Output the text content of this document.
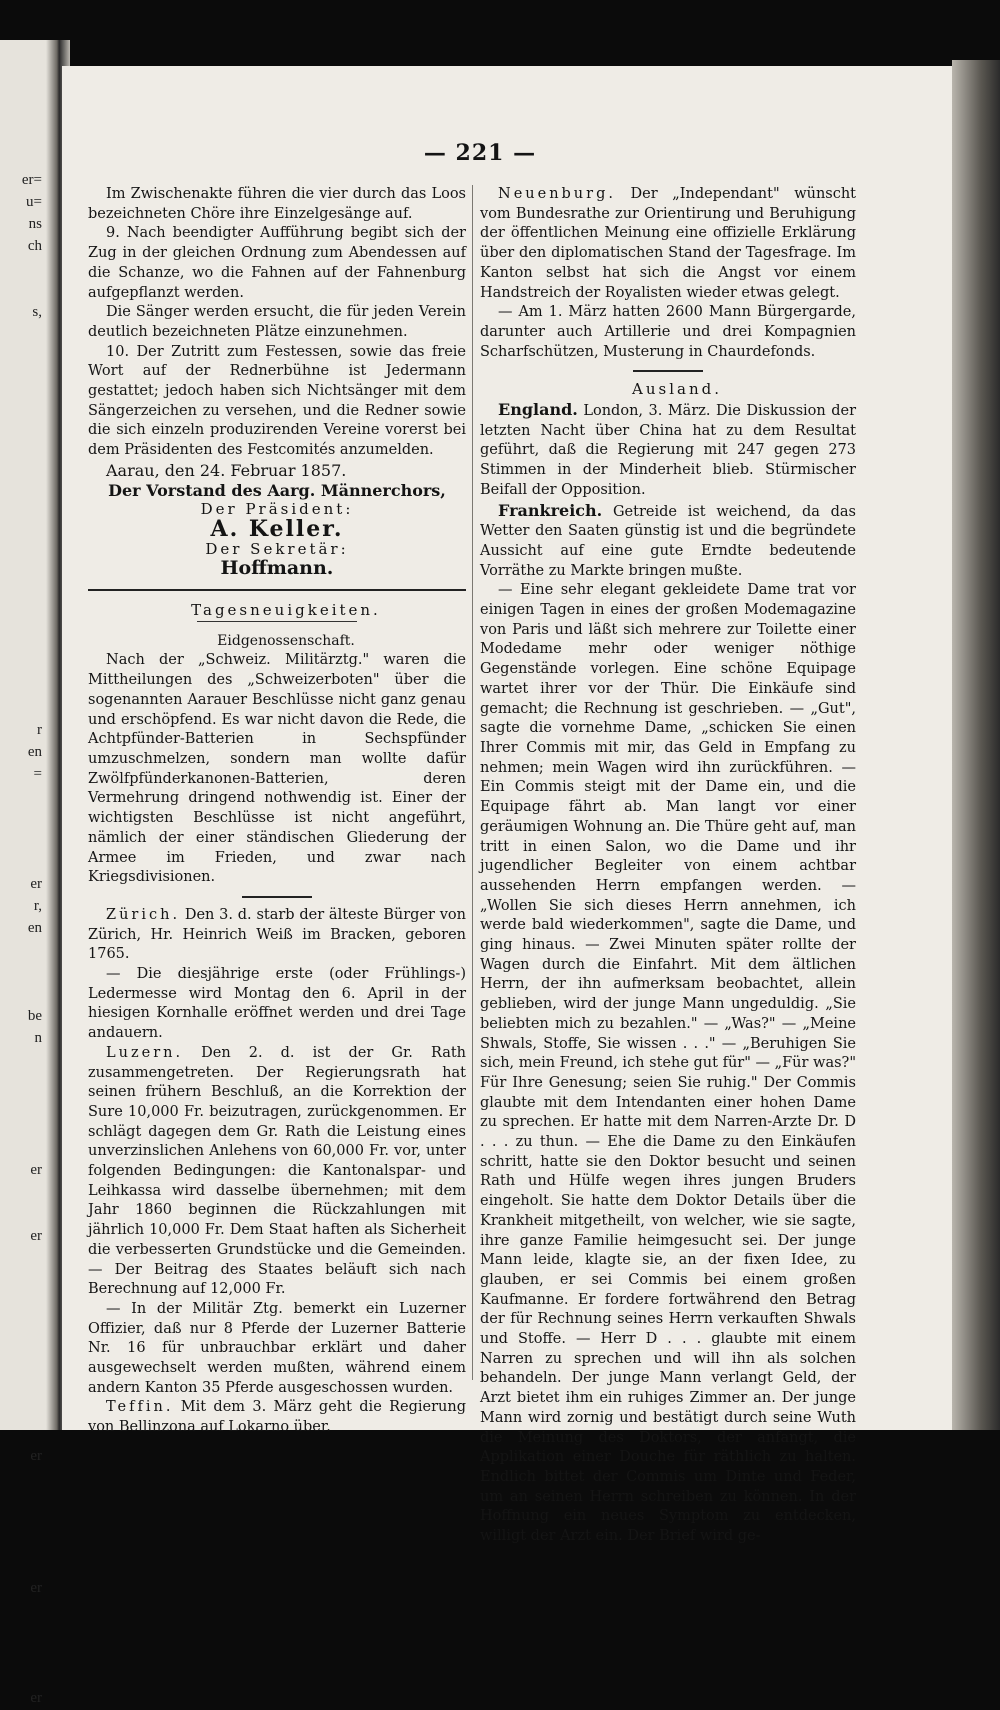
er=
u=
ns
ch
s,
r
en
=
er
r,
en
be
n
er
er
er
er
er
— 221 —

Im Zwischenakte führen die vier durch das Loos bezeichneten Chöre ihre Einzelgesänge auf.

9. Nach beendigter Aufführung begibt sich der Zug in der gleichen Ordnung zum Abendessen auf die Schanze, wo die Fahnen auf der Fahnenburg aufgepflanzt werden.

Die Sänger werden ersucht, die für jeden Verein deutlich bezeichneten Plätze einzunehmen.

10. Der Zutritt zum Festessen, sowie das freie Wort auf der Rednerbühne ist Jedermann gestattet; jedoch haben sich Nichtsänger mit dem Sängerzeichen zu versehen, und die Redner sowie die sich einzeln produzirenden Vereine vorerst bei dem Präsidenten des Festcomités anzumelden.

Aarau, den 24. Februar 1857.

Der Vorstand des Aarg. Männerchors,

Der Präsident:

A. Keller.

Der Sekretär:

Hoffmann.

Tagesneuigkeiten.

Eidgenossenschaft.

Nach der „Schweiz. Militärztg." waren die Mittheilungen des „Schweizerboten" über die sogenannten Aarauer Beschlüsse nicht ganz genau und erschöpfend. Es war nicht davon die Rede, die Achtpfünder-Batterien in Sechspfünder umzuschmelzen, sondern man wollte dafür Zwölfpfünderkanonen-Batterien, deren Vermehrung dringend nothwendig ist. Einer der wichtigsten Beschlüsse ist nicht angeführt, nämlich der einer ständischen Gliederung der Armee im Frieden, und zwar nach Kriegsdivisionen.

Zürich. Den 3. d. starb der älteste Bürger von Zürich, Hr. Heinrich Weiß im Bracken, geboren 1765.

— Die diesjährige erste (oder Frühlings-) Ledermesse wird Montag den 6. April in der hiesigen Kornhalle eröffnet werden und drei Tage andauern.

Luzern. Den 2. d. ist der Gr. Rath zusammengetreten. Der Regierungsrath hat seinen frühern Beschluß, an die Korrektion der Sure 10,000 Fr. beizutragen, zurückgenommen. Er schlägt dagegen dem Gr. Rath die Leistung eines unverzinslichen Anlehens von 60,000 Fr. vor, unter folgenden Bedingungen: die Kantonalspar- und Leihkassa wird dasselbe übernehmen; mit dem Jahr 1860 beginnen die Rückzahlungen mit jährlich 10,000 Fr. Dem Staat haften als Sicherheit die verbesserten Grundstücke und die Gemeinden. — Der Beitrag des Staates beläuft sich nach Berechnung auf 12,000 Fr.

— In der Militär Ztg. bemerkt ein Luzerner Offizier, daß nur 8 Pferde der Luzerner Batterie Nr. 16 für unbrauchbar erklärt und daher ausgewechselt werden mußten, während einem andern Kanton 35 Pferde ausgeschossen wurden.

Teffin. Mit dem 3. März geht die Regierung von Bellinzona auf Lokarno über.

Neuenburg. Der „Independant" wünscht vom Bundesrathe zur Orientirung und Beruhigung der öffentlichen Meinung eine offizielle Erklärung über den diplomatischen Stand der Tagesfrage. Im Kanton selbst hat sich die Angst vor einem Handstreich der Royalisten wieder etwas gelegt.

— Am 1. März hatten 2600 Mann Bürgergarde, darunter auch Artillerie und drei Kompagnien Scharfschützen, Musterung in Chaurdefonds.

Ausland.

England. London, 3. März. Die Diskussion der letzten Nacht über China hat zu dem Resultat geführt, daß die Regierung mit 247 gegen 273 Stimmen in der Minderheit blieb. Stürmischer Beifall der Opposition.

Frankreich. Getreide ist weichend, da das Wetter den Saaten günstig ist und die begründete Aussicht auf eine gute Erndte bedeutende Vorräthe zu Markte bringen mußte.

— Eine sehr elegant gekleidete Dame trat vor einigen Tagen in eines der großen Modemagazine von Paris und läßt sich mehrere zur Toilette einer Modedame mehr oder weniger nöthige Gegenstände vorlegen. Eine schöne Equipage wartet ihrer vor der Thür. Die Einkäufe sind gemacht; die Rechnung ist geschrieben. — „Gut", sagte die vornehme Dame, „schicken Sie einen Ihrer Commis mit mir, das Geld in Empfang zu nehmen; mein Wagen wird ihn zurückführen. — Ein Commis steigt mit der Dame ein, und die Equipage fährt ab. Man langt vor einer geräumigen Wohnung an. Die Thüre geht auf, man tritt in einen Salon, wo die Dame und ihr jugendlicher Begleiter von einem achtbar aussehenden Herrn empfangen werden. — „Wollen Sie sich dieses Herrn annehmen, ich werde bald wiederkommen", sagte die Dame, und ging hinaus. — Zwei Minuten später rollte der Wagen durch die Einfahrt. Mit dem ältlichen Herrn, der ihn aufmerksam beobachtet, allein geblieben, wird der junge Mann ungeduldig. „Sie beliebten mich zu bezahlen." — „Was?" — „Meine Shwals, Stoffe, Sie wissen . . ." — „Beruhigen Sie sich, mein Freund, ich stehe gut für" — „Für was?" Für Ihre Genesung; seien Sie ruhig." Der Commis glaubte mit dem Intendanten einer hohen Dame zu sprechen. Er hatte mit dem Narren-Arzte Dr. D . . . zu thun. — Ehe die Dame zu den Einkäufen schritt, hatte sie den Doktor besucht und seinen Rath und Hülfe wegen ihres jungen Bruders eingeholt. Sie hatte dem Doktor Details über die Krankheit mitgetheilt, von welcher, wie sie sagte, ihre ganze Familie heimgesucht sei. Der junge Mann leide, klagte sie, an der fixen Idee, zu glauben, er sei Commis bei einem großen Kaufmanne. Er fordere fortwährend den Betrag der für Rechnung seines Herrn verkauften Shwals und Stoffe. — Herr D . . . glaubte mit einem Narren zu sprechen und will ihn als solchen behandeln. Der junge Mann verlangt Geld, der Arzt bietet ihm ein ruhiges Zimmer an. Der junge Mann wird zornig und bestätigt durch seine Wuth die Meinung des Doktors, der anfangt, die Applikation einer Douche für räthlich zu halten. Endlich bittet der Commis um Dinte und Feder, um an seinen Herrn schreiben zu können. In der Hoffnung ein neues Symptom zu entdecken, willigt der Arzt ein. Der Brief wird ge-
